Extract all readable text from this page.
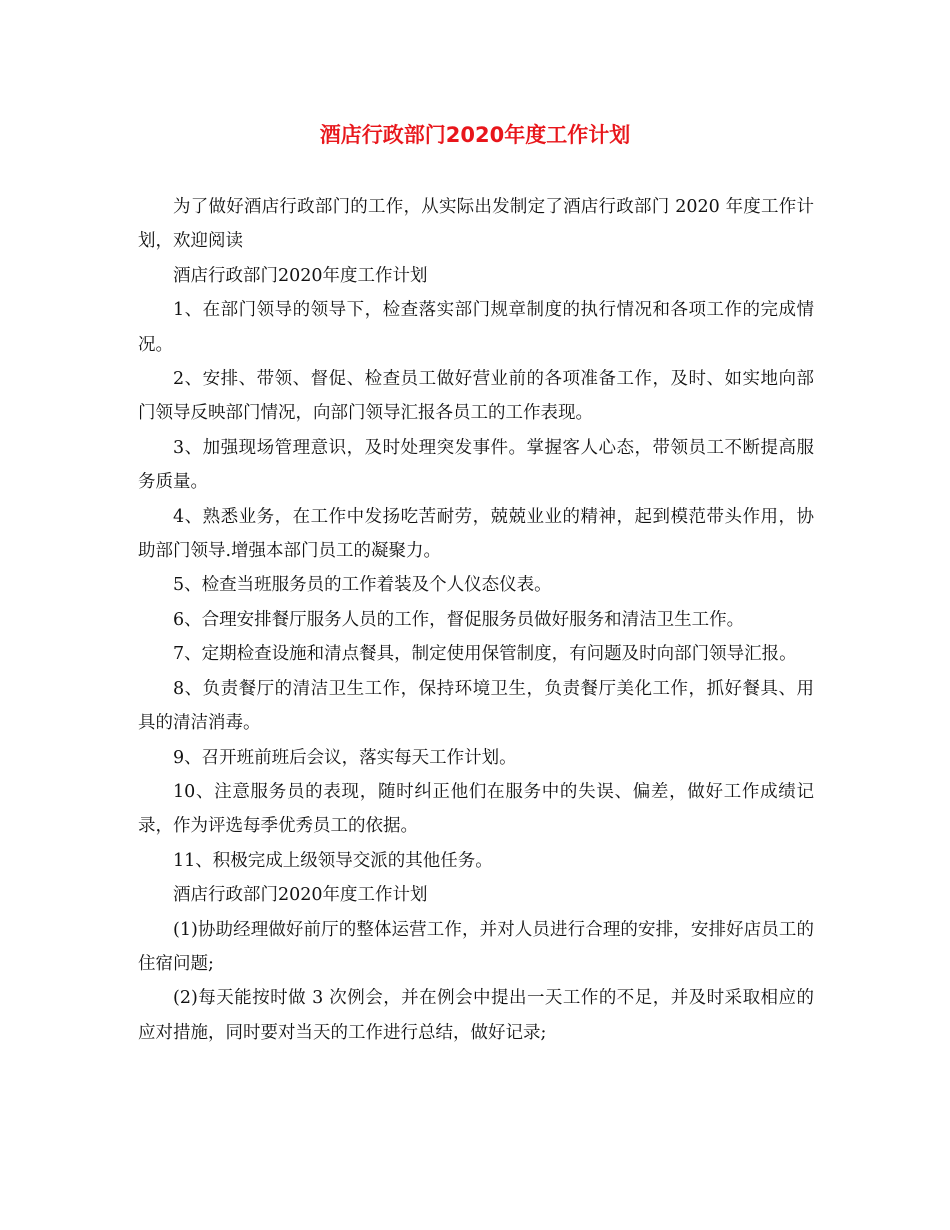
酒店行政部门2020年度工作计划

为了做好酒店行政部门的工作，从实际出发制定了酒店行政部门 2020 年度工作计划，欢迎阅读

酒店行政部门2020年度工作计划

1、在部门领导的领导下，检查落实部门规章制度的执行情况和各项工作的完成情况。

2、安排、带领、督促、检查员工做好营业前的各项准备工作，及时、如实地向部门领导反映部门情况，向部门领导汇报各员工的工作表现。

3、加强现场管理意识，及时处理突发事件。掌握客人心态，带领员工不断提高服务质量。

4、熟悉业务，在工作中发扬吃苦耐劳，兢兢业业的精神，起到模范带头作用，协助部门领导.增强本部门员工的凝聚力。

5、检查当班服务员的工作着装及个人仪态仪表。

6、合理安排餐厅服务人员的工作，督促服务员做好服务和清洁卫生工作。

7、定期检查设施和清点餐具，制定使用保管制度，有问题及时向部门领导汇报。

8、负责餐厅的清洁卫生工作，保持环境卫生，负责餐厅美化工作，抓好餐具、用具的清洁消毒。

9、召开班前班后会议，落实每天工作计划。

10、注意服务员的表现，随时纠正他们在服务中的失误、偏差，做好工作成绩记录，作为评选每季优秀员工的依据。

11、积极完成上级领导交派的其他任务。

酒店行政部门2020年度工作计划

(1)协助经理做好前厅的整体运营工作，并对人员进行合理的安排，安排好店员工的住宿问题;

(2)每天能按时做 3 次例会，并在例会中提出一天工作的不足，并及时采取相应的应对措施，同时要对当天的工作进行总结，做好记录;
